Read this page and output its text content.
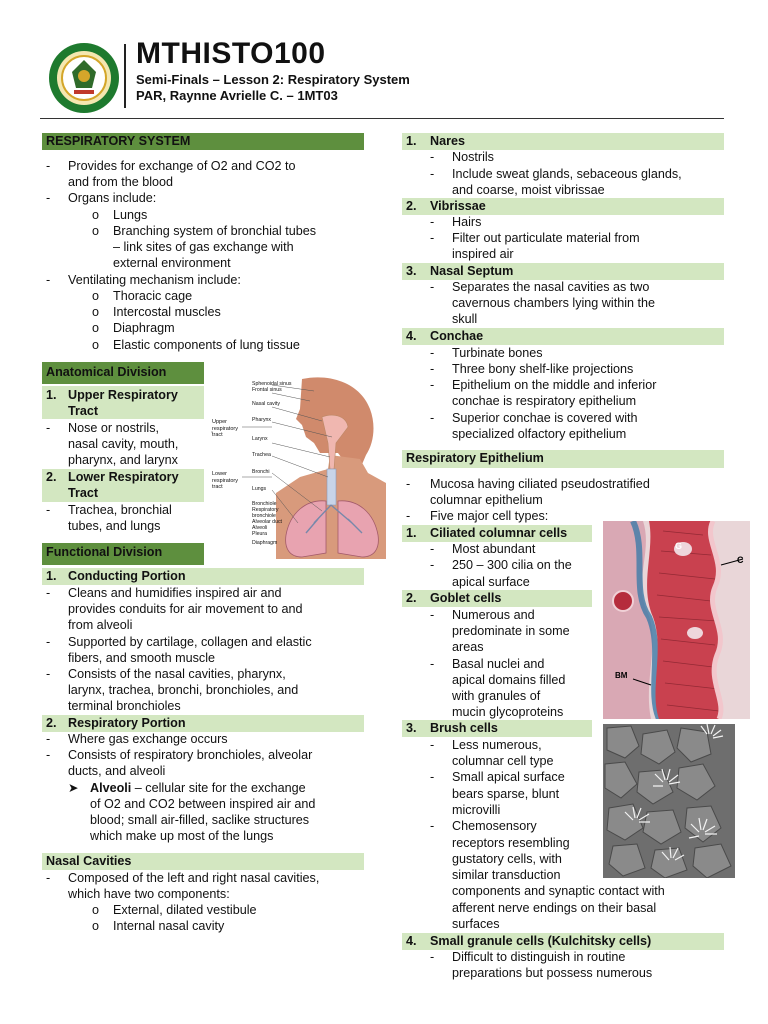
MTHISTO100
Semi-Finals – Lesson 2: Respiratory System
PAR, Raynne Avrielle C. – 1MT03
RESPIRATORY SYSTEM
- Provides for exchange of O2 and CO2 to
and from the blood
- Organs include:
o Lungs
o Branching system of bronchial tubes
– link sites of gas exchange with
external environment
- Ventilating mechanism include:
o Thoracic cage
o Intercostal muscles
o Diaphragm
o Elastic components of lung tissue
Anatomical Division
1. Upper Respiratory
Tract
- Nose or nostrils,
nasal cavity, mouth,
pharynx, and larynx
2. Lower Respiratory
Tract
- Trachea, bronchial
tubes, and lungs
Upper
respiratory
tract
Lower
respiratory
tract
Sphenoidal sinus
Frontal sinus
Nasal cavity
Pharynx
Larynx
Trachea
Bronchi
Lungs
Bronchiole
Respiratory
bronchiole
Alveolar duct
Alveoli
Pleura
Diaphragm
Functional Division
1. Conducting Portion
- Cleans and humidifies inspired air and
provides conduits for air movement to and
from alveoli
- Supported by cartilage, collagen and elastic
fibers, and smooth muscle
- Consists of the nasal cavities, pharynx,
larynx, trachea, bronchi, bronchioles, and
terminal bronchioles
2. Respiratory Portion
- Where gas exchange occurs
- Consists of respiratory bronchioles, alveolar
ducts, and alveoli
➤ Alveoli – cellular site for the exchange
of O2 and CO2 between inspired air and
blood; small air-filled, saclike structures
which make up most of the lungs
Nasal Cavities
- Composed of the left and right nasal cavities,
which have two components:
o External, dilated vestibule
o Internal nasal cavity
1. Nares
- Nostrils
- Include sweat glands, sebaceous glands,
and coarse, moist vibrissae
2. Vibrissae
- Hairs
- Filter out particulate material from
inspired air
3. Nasal Septum
- Separates the nasal cavities as two
cavernous chambers lying within the
skull
4. Conchae
- Turbinate bones
- Three bony shelf-like projections
- Epithelium on the middle and inferior
conchae is respiratory epithelium
- Superior conchae is covered with
specialized olfactory epithelium
Respiratory Epithelium
- Mucosa having ciliated pseudostratified
columnar epithelium
- Five major cell types:
1. Ciliated columnar cells
- Most abundant
- 250 – 300 cilia on the
apical surface
2. Goblet cells
- Numerous and
predominate in some
areas
- Basal nuclei and
apical domains filled
with granules of
mucin glycoproteins
G
C
BM
3. Brush cells
- Less numerous,
columnar cell type
- Small apical surface
bears sparse, blunt
microvilli
- Chemosensory
receptors resembling
gustatory cells, with
similar transduction
components and synaptic contact with
afferent nerve endings on their basal
surfaces
4. Small granule cells (Kulchitsky cells)
- Difficult to distinguish in routine
preparations but possess numerous
